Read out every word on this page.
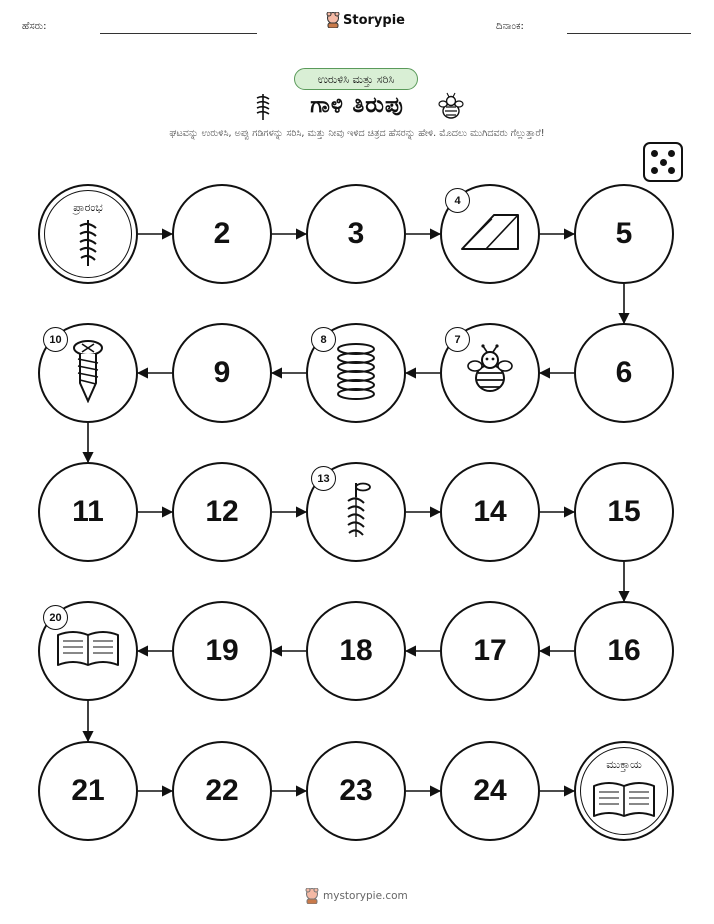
ಹೆಸರು:	Storypie	ದಿನಾಂಕ:
ಉರುಳಿಸಿ ಮತ್ತು ಸರಿಸಿ
ಗಾಳಿ ತಿರುಪು
ಘಟವನ್ನು ಉರುಳಿಸಿ, ಅಪ್ಪು ಗಡಿಗಳನ್ನು ಸರಿಸಿ, ಮತ್ತು ನೀವು ಇಳಿದ ಚಿತ್ರದ ಹೆಸರನ್ನು ಹೇಳಿ. ಮೊದಲು ಮುಗಿದವರು ಗೆಲ್ಲುತ್ತಾರೆ!
ಪ್ರಾರಂಭ
2	3
4
5
6
7
8
9
10
11	12
13
14	15
16
17
18
19
20
21	22	23	24
ಮುಕ್ತಾಯ
mystorypie.com
